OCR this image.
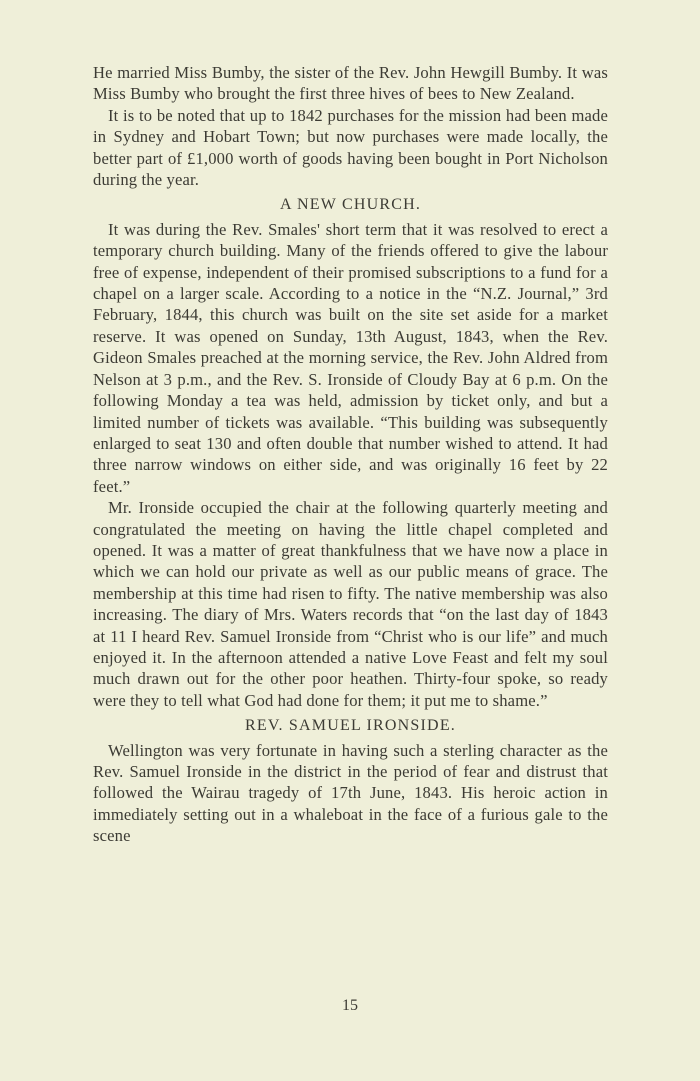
He married Miss Bumby, the sister of the Rev. John Hewgill Bumby. It was Miss Bumby who brought the first three hives of bees to New Zealand.

It is to be noted that up to 1842 purchases for the mission had been made in Sydney and Hobart Town; but now purchases were made locally, the better part of £1,000 worth of goods having been bought in Port Nicholson during the year.

A NEW CHURCH.

It was during the Rev. Smales' short term that it was resolved to erect a temporary church building. Many of the friends offered to give the labour free of expense, independent of their promised subscriptions to a fund for a chapel on a larger scale. According to a notice in the “N.Z. Journal,” 3rd February, 1844, this church was built on the site set aside for a market reserve. It was opened on Sunday, 13th August, 1843, when the Rev. Gideon Smales preached at the morning service, the Rev. John Aldred from Nelson at 3 p.m., and the Rev. S. Ironside of Cloudy Bay at 6 p.m. On the following Monday a tea was held, admission by ticket only, and but a limited number of tickets was available. “This building was subsequently enlarged to seat 130 and often double that number wished to attend. It had three narrow windows on either side, and was originally 16 feet by 22 feet.”

Mr. Ironside occupied the chair at the following quarterly meeting and congratulated the meeting on having the little chapel completed and opened. It was a matter of great thankfulness that we have now a place in which we can hold our private as well as our public means of grace. The membership at this time had risen to fifty. The native membership was also increasing. The diary of Mrs. Waters records that “on the last day of 1843 at 11 I heard Rev. Samuel Ironside from “Christ who is our life” and much enjoyed it. In the afternoon attended a native Love Feast and felt my soul much drawn out for the other poor heathen. Thirty-four spoke, so ready were they to tell what God had done for them; it put me to shame.”

REV. SAMUEL IRONSIDE.

Wellington was very fortunate in having such a sterling character as the Rev. Samuel Ironside in the district in the period of fear and distrust that followed the Wairau tragedy of 17th June, 1843. His heroic action in immediately setting out in a whaleboat in the face of a furious gale to the scene

15
